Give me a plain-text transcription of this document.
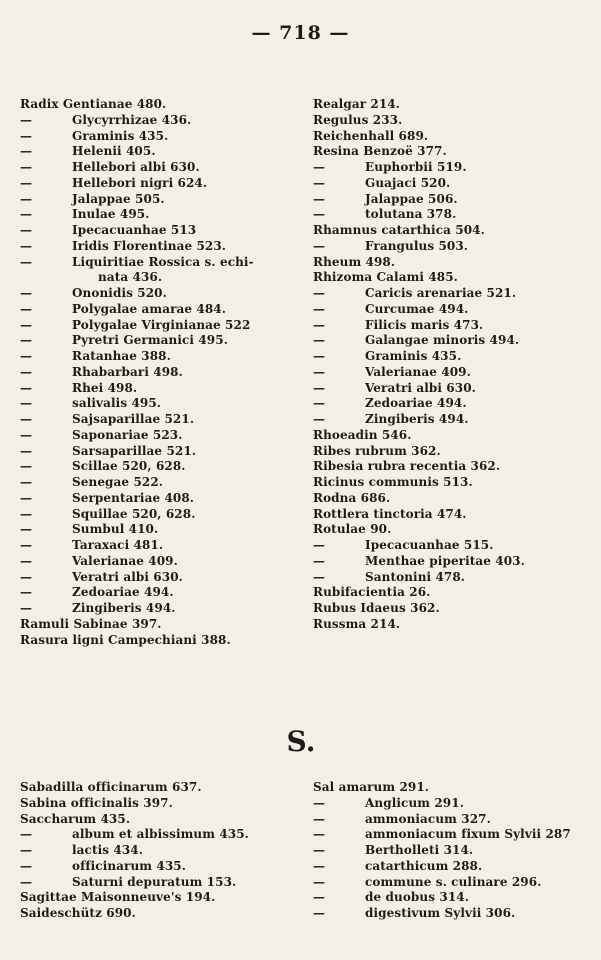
— 718 —
Radix Gentianae 480.
—	Glycyrrhizae 436.
—	Graminis 435.
—	Helenii 405.
—	Hellebori albi 630.
—	Hellebori nigri 624.
—	Jalappae 505.
—	Inulae 495.
—	Ipecacuanhae 513
—	Iridis Florentinae 523.
—	Liquiritiae Rossica s. echi-
nata 436.
—	Ononidis 520.
—	Polygalae amarae 484.
—	Polygalae Virginianae 522
—	Pyretri Germanici 495.
—	Ratanhae 388.
—	Rhabarbari 498.
—	Rhei 498.
—	salivalis 495.
—	Sajsaparillae 521.
—	Saponariae 523.
—	Sarsaparillae 521.
—	Scillae 520, 628.
—	Senegae 522.
—	Serpentariae 408.
—	Squillae 520, 628.
—	Sumbul 410.
—	Taraxaci 481.
—	Valerianae 409.
—	Veratri albi 630.
—	Zedoariae 494.
—	Zingiberis 494.
Ramuli Sabinae 397.
Rasura ligni Campechiani 388.
Realgar 214.
Regulus 233.
Reichenhall 689.
Resina Benzoë 377.
—	Euphorbii 519.
—	Guajaci 520.
—	Jalappae 506.
—	tolutana 378.
Rhamnus catarthica 504.
—	Frangulus 503.
Rheum 498.
Rhizoma Calami 485.
—	Caricis arenariae 521.
—	Curcumae 494.
—	Filicis maris 473.
—	Galangae minoris 494.
—	Graminis 435.
—	Valerianae 409.
—	Veratri albi 630.
—	Zedoariae 494.
—	Zingiberis 494.
Rhoeadin 546.
Ribes rubrum 362.
Ribesia rubra recentia 362.
Ricinus communis 513.
Rodna 686.
Rottlera tinctoria 474.
Rotulae 90.
—	Ipecacuanhae 515.
—	Menthae piperitae 403.
—	Santonini 478.
Rubifacientia 26.
Rubus Idaeus 362.
Russma 214.
S.
Sabadilla officinarum 637.
Sabina officinalis 397.
Saccharum 435.
—	album et albissimum 435.
—	lactis 434.
—	officinarum 435.
—	Saturni depuratum 153.
Sagittae Maisonneuve's 194.
Saideschütz 690.
Sal amarum 291.
—	Anglicum 291.
—	ammoniacum 327.
—	ammoniacum fixum Sylvii 287
—	Bertholleti 314.
—	catarthicum 288.
—	commune s. culinare 296.
—	de duobus 314.
—	digestivum Sylvii 306.
